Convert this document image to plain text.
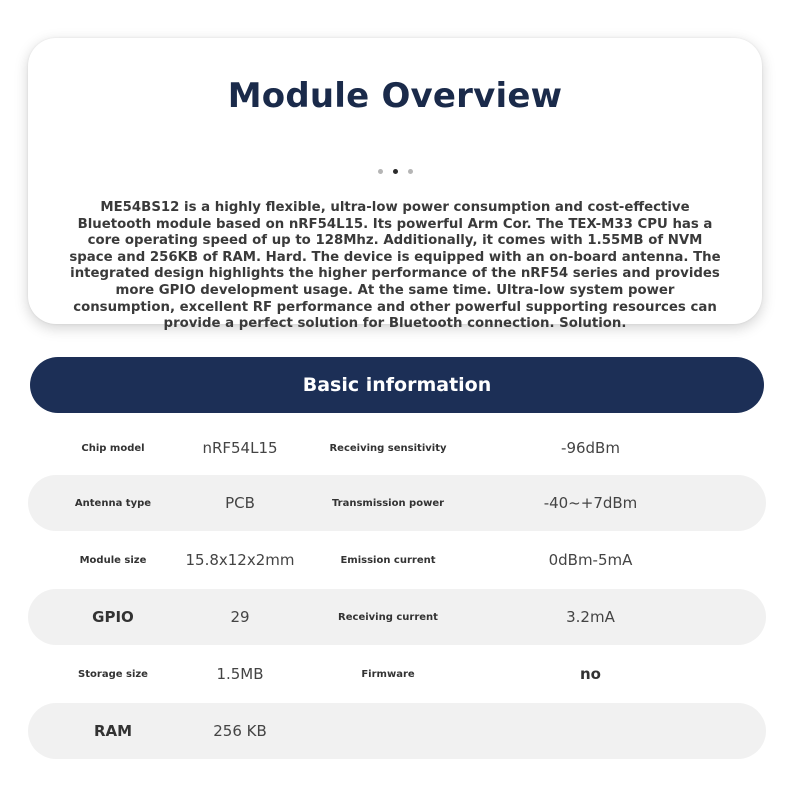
Module Overview

ME54BS12 is a highly flexible, ultra-low power consumption and cost-effective Bluetooth module based on nRF54L15. Its powerful Arm Cor. The TEX-M33 CPU has a core operating speed of up to 128Mhz. Additionally, it comes with 1.55MB of NVM space and 256KB of RAM. Hard. The device is equipped with an on-board antenna. The integrated design highlights the higher performance of the nRF54 series and provides more GPIO development usage. At the same time. Ultra-low system power consumption, excellent RF performance and other powerful supporting resources can provide a perfect solution for Bluetooth connection. Solution.

Basic information
Chip model	nRF54L15	Receiving sensitivity	-96dBm
Antenna type	PCB	Transmission power	-40~+7dBm
Module size	15.8x12x2mm	Emission current	0dBm-5mA
GPIO	29	Receiving current	3.2mA
Storage size	1.5MB	Firmware	no
RAM	256 KB
